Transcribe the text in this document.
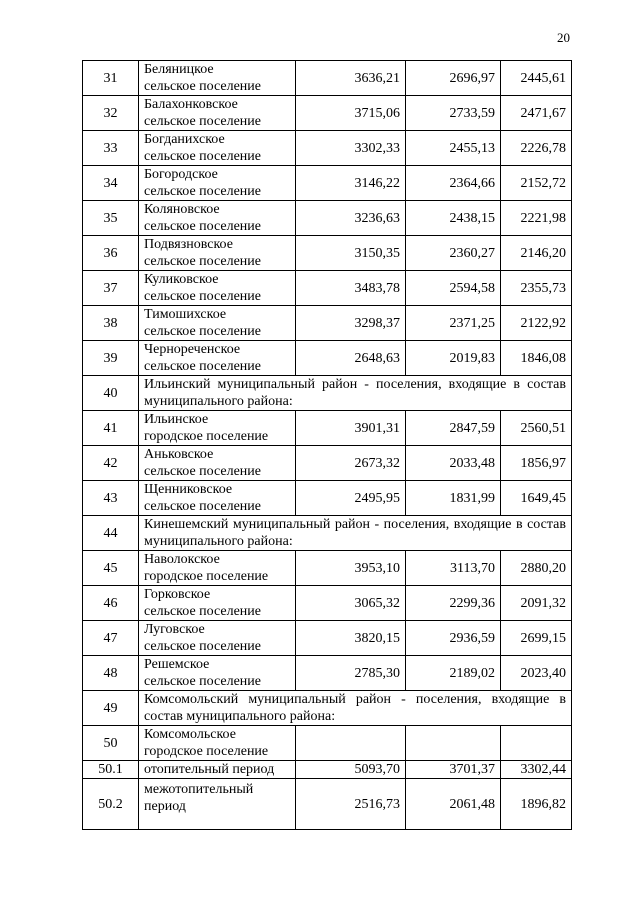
20
31	Беляницкое
сельское поселение	3636,21	2696,97	2445,61
32	Балахонковское
сельское поселение	3715,06	2733,59	2471,67
33	Богданихское
сельское поселение	3302,33	2455,13	2226,78
34	Богородское
сельское поселение	3146,22	2364,66	2152,72
35	Коляновское
сельское поселение	3236,63	2438,15	2221,98
36	Подвязновское
сельское поселение	3150,35	2360,27	2146,20
37	Куликовское
сельское поселение	3483,78	2594,58	2355,73
38	Тимошихское
сельское поселение	3298,37	2371,25	2122,92
39	Чернореченское
сельское поселение	2648,63	2019,83	1846,08
40	Ильинский муниципальный район - поселения, входящие в состав муниципального района:			
41	Ильинское
городское поселение	3901,31	2847,59	2560,51
42	Аньковское
сельское поселение	2673,32	2033,48	1856,97
43	Щенниковское
сельское поселение	2495,95	1831,99	1649,45
44	Кинешемский муниципальный район - поселения, входящие в состав муниципального района:			
45	Наволокское
городское поселение	3953,10	3113,70	2880,20
46	Горковское
сельское поселение	3065,32	2299,36	2091,32
47	Луговское
сельское поселение	3820,15	2936,59	2699,15
48	Решемское
сельское поселение	2785,30	2189,02	2023,40
49	Комсомольский муниципальный район - поселения, входящие в состав муниципального района:			
50	Комсомольское
городское поселение			

50.1	отопительный период	5093,70	3701,37	3302,44
50.2	межотопительный
период	2516,73	2061,48	1896,82
